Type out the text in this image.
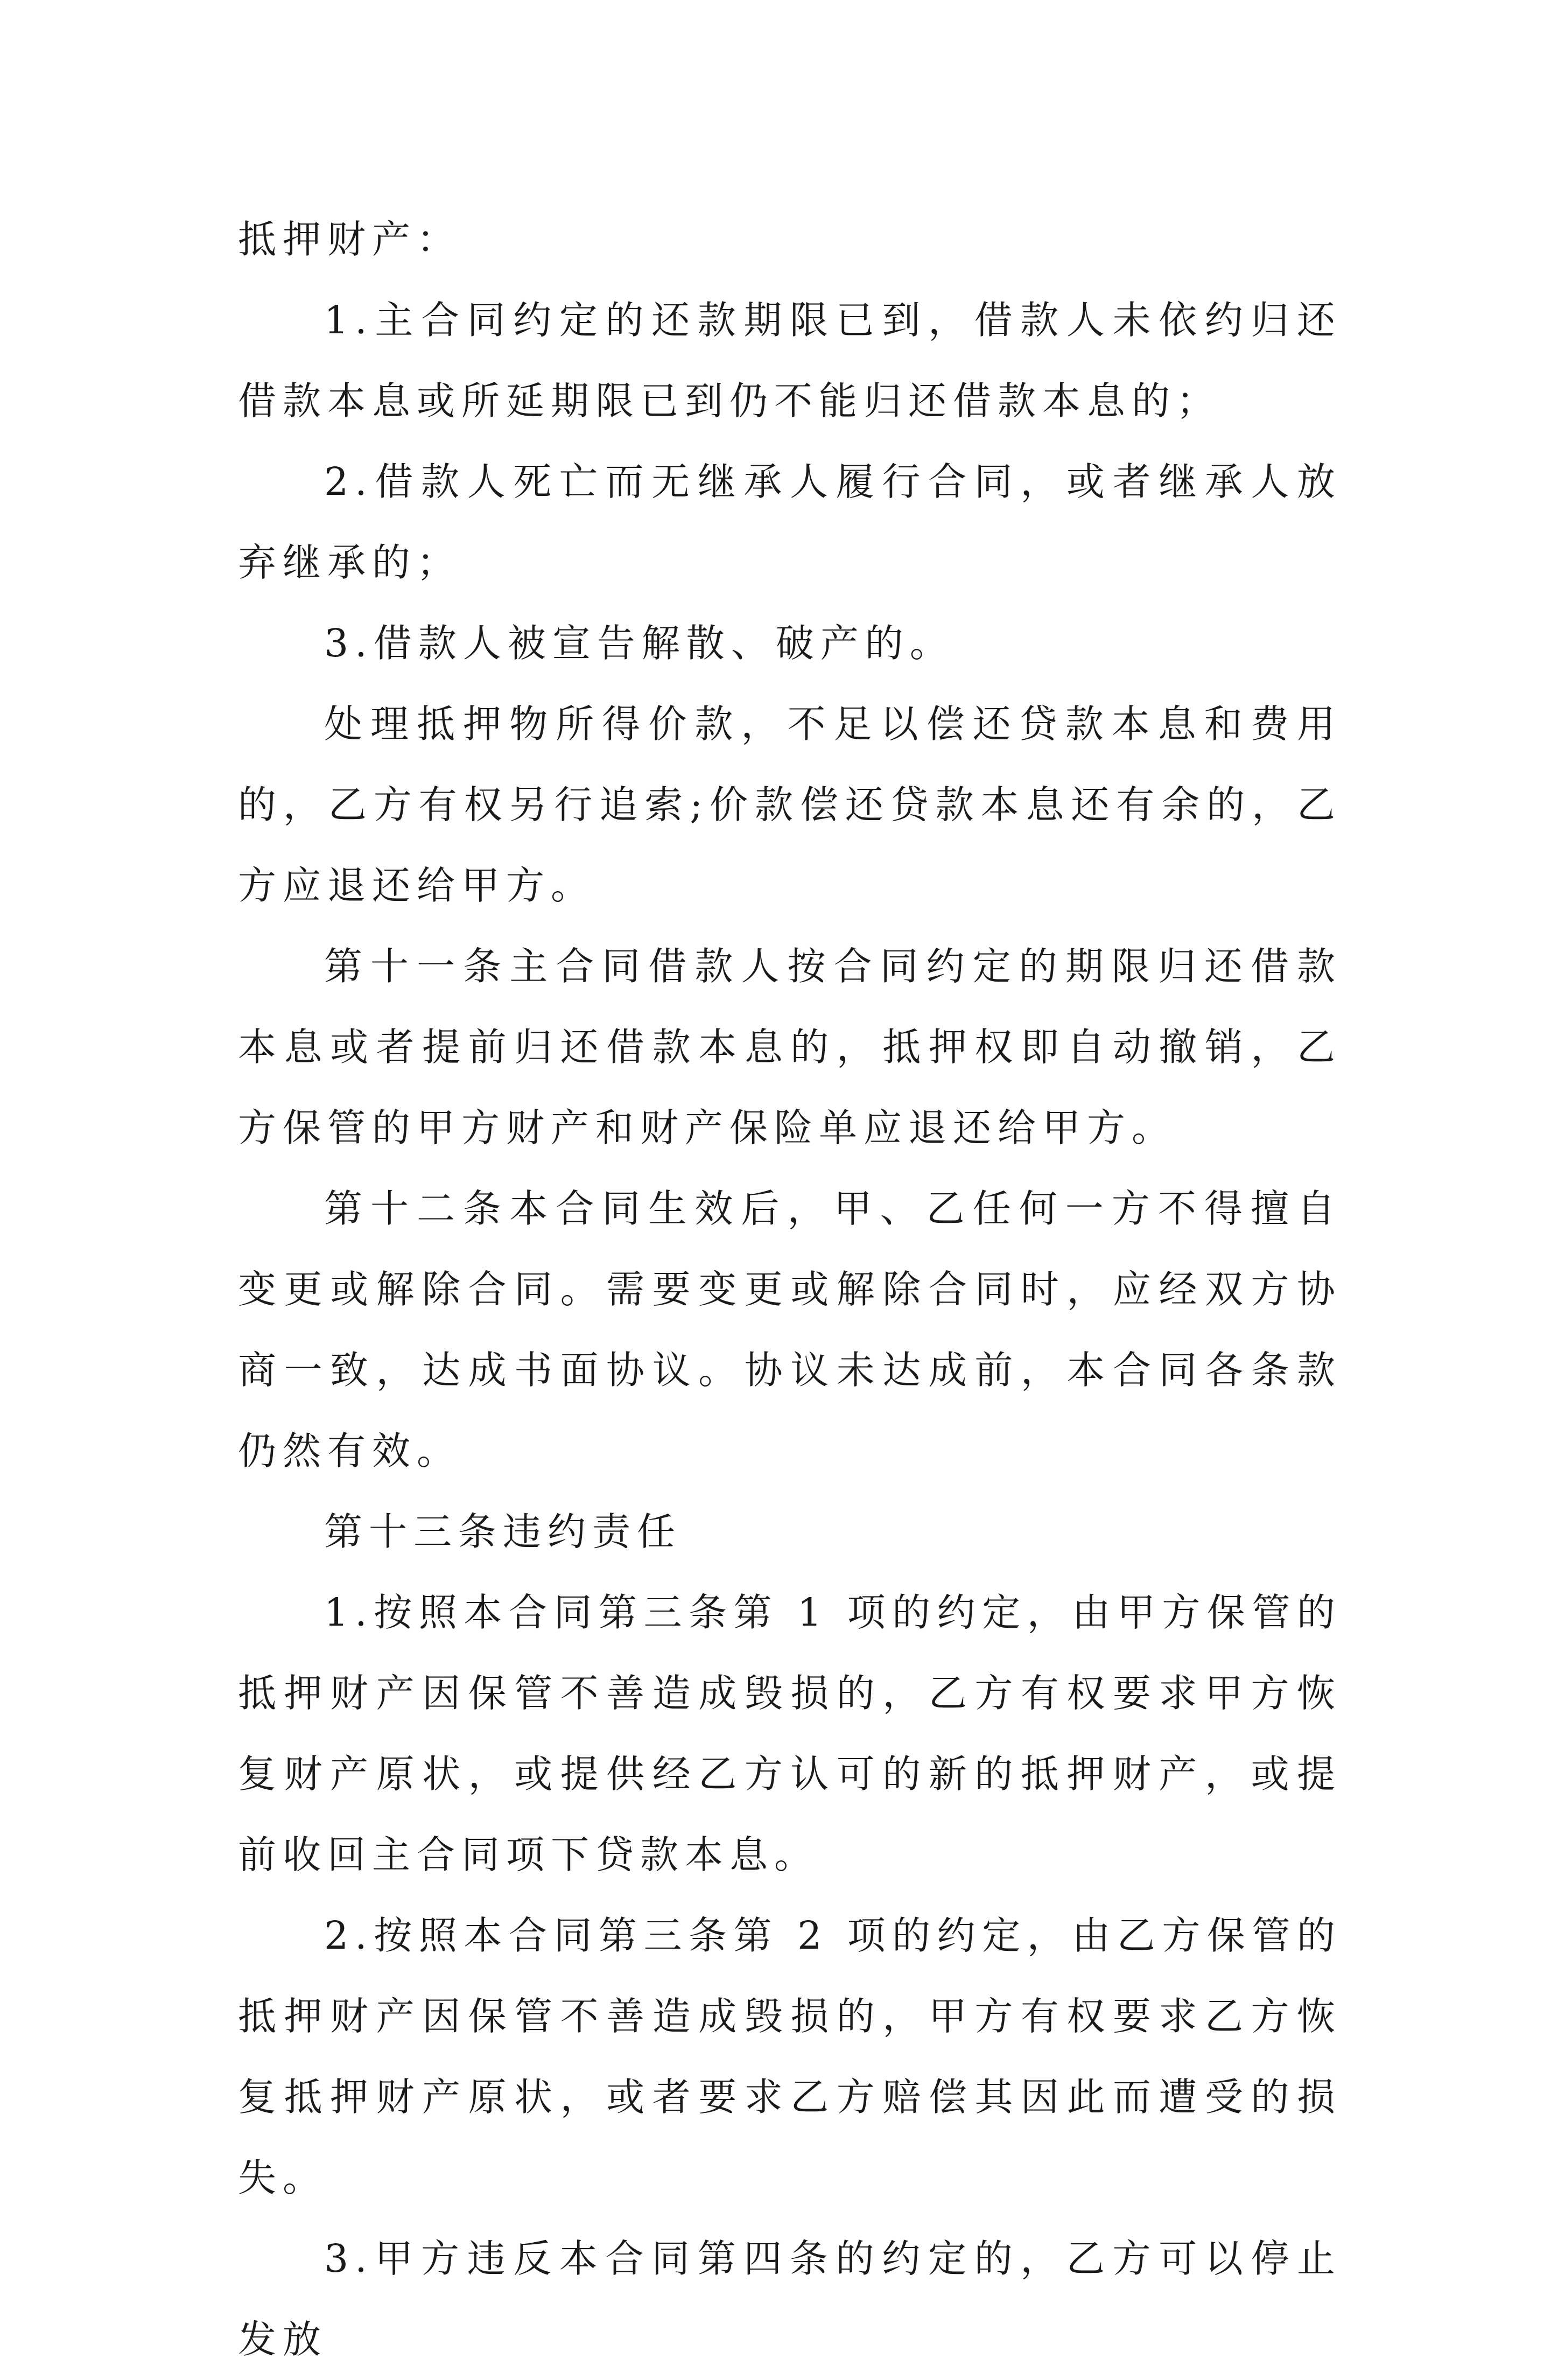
抵押财产：

1.主合同约定的还款期限已到，借款人未依约归还借款本息或所延期限已到仍不能归还借款本息的；

2.借款人死亡而无继承人履行合同，或者继承人放弃继承的；

3.借款人被宣告解散、破产的。

处理抵押物所得价款，不足以偿还贷款本息和费用的，乙方有权另行追索;价款偿还贷款本息还有余的，乙方应退还给甲方。

第十一条主合同借款人按合同约定的期限归还借款本息或者提前归还借款本息的，抵押权即自动撤销，乙方保管的甲方财产和财产保险单应退还给甲方。

第十二条本合同生效后，甲、乙任何一方不得擅自变更或解除合同。需要变更或解除合同时，应经双方协商一致，达成书面协议。协议未达成前，本合同各条款仍然有效。

第十三条违约责任

1.按照本合同第三条第 1 项的约定，由甲方保管的抵押财产因保管不善造成毁损的，乙方有权要求甲方恢复财产原状，或提供经乙方认可的新的抵押财产，或提前收回主合同项下贷款本息。

2.按照本合同第三条第 2 项的约定，由乙方保管的抵押财产因保管不善造成毁损的，甲方有权要求乙方恢复抵押财产原状，或者要求乙方赔偿其因此而遭受的损失。

3.甲方违反本合同第四条的约定的，乙方可以停止发放
